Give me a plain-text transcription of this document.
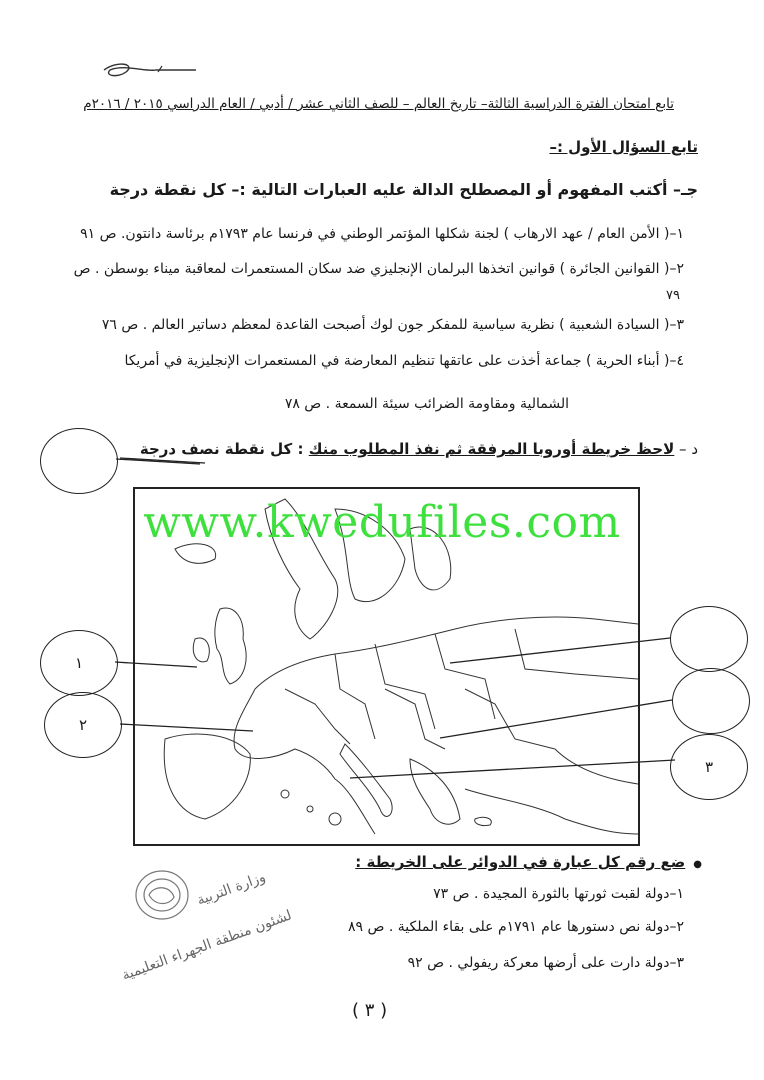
تابع امتحان الفترة الدراسية الثالثة– تاريخ العالم – للصف الثاني عشر / أدبي / العام الدراسي ٢٠١٥ / ٢٠١٦م
تابع السؤال الأول :–
جـ– أكتب المفهوم أو المصطلح الدالة عليه العبارات التالية :– كل نقطة درجة
١–( الأمن العام / عهد الارهاب ) لجنة شكلها المؤتمر الوطني في فرنسا عام ١٧٩٣م برئاسة دانتون. ص ٩١
٢–( القوانين الجائرة ) قوانين اتخذها البرلمان الإنجليزي ضد سكان المستعمرات لمعاقبة ميناء بوسطن . ص
٧٩
٣–( السيادة الشعبية ) نظرية سياسية للمفكر جون لوك أصبحت القاعدة لمعظم دساتير العالم . ص ٧٦
٤–( أبناء الحرية ) جماعة أخذت على عاتقها تنظيم المعارضة في المستعمرات الإنجليزية في أمريكا
الشمالية ومقاومة الضرائب سيئة السمعة . ص ٧٨
د – لاحظ خريطة أوروبا المرفقة ثم نفذ المطلوب منك : كل نقطة نصف درجة
١
٢
٣
www.kwedufiles.com
●ضع رقم كل عبارة في الدوائر على الخريطة :
١–دولة لقبت ثورتها بالثورة المجيدة . ص ٧٣
٢–دولة نص دستورها عام ١٧٩١م على بقاء الملكية . ص ٨٩
٣–دولة دارت على أرضها معركة ريفولي . ص ٩٢
وزارة التربية
لشئون منطقة الجهراء التعليمية
( ٣ )
